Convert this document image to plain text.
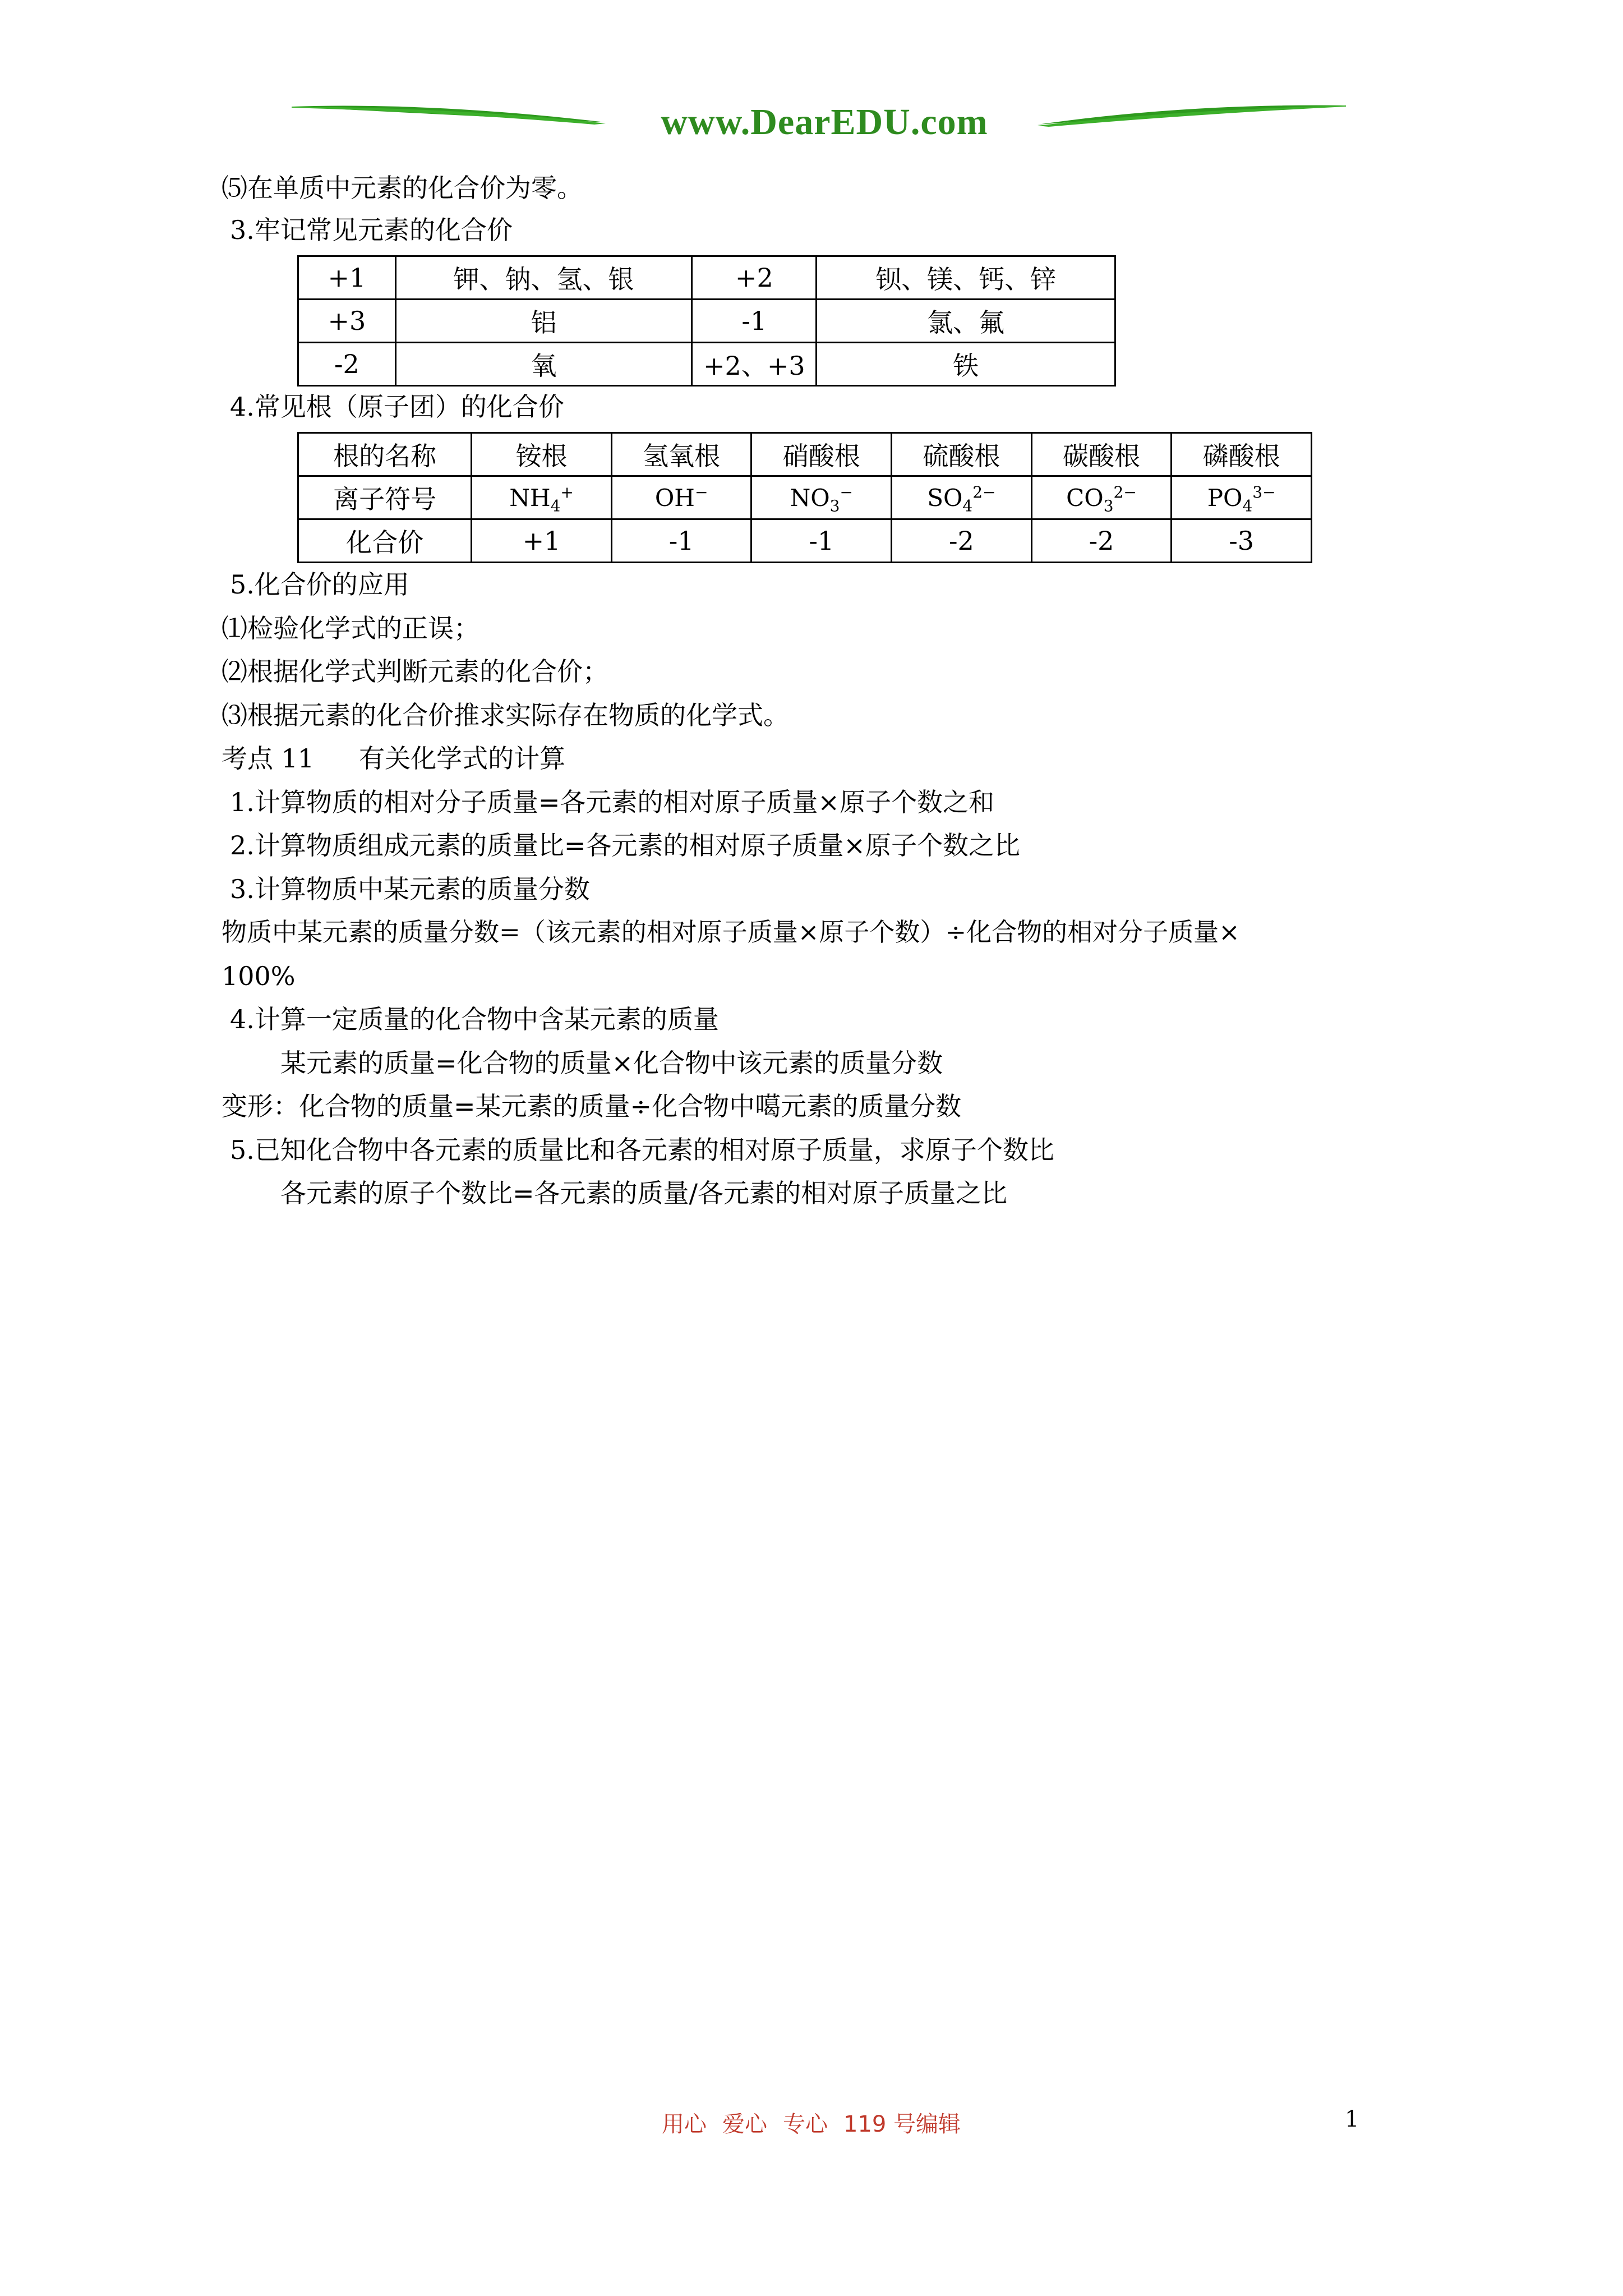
www.DearEDU.com
⑸在单质中元素的化合价为零。
3.牢记常见元素的化合价
+1	钾、钠、氢、银	+2	钡、镁、钙、锌
+3	铝	-1	氯、氟
-2	氧	+2、+3	铁
4.常见根（原子团）的化合价
根的名称	铵根	氢氧根	硝酸根	硫酸根	碳酸根	磷酸根
离子符号	$NH_4^+$	OH−	$NO_3^-$	$SO_4^{2-}$	$CO_3^{2-}$	$PO_4^{3-}$
化合价	+1	-1	-1	-2	-2	-3
5.化合价的应用
⑴检验化学式的正误；
⑵根据化学式判断元素的化合价；
⑶根据元素的化合价推求实际存在物质的化学式。
考点 11 有关化学式的计算
1.计算物质的相对分子质量=各元素的相对原子质量×原子个数之和
2.计算物质组成元素的质量比=各元素的相对原子质量×原子个数之比
3.计算物质中某元素的质量分数
物质中某元素的质量分数=（该元素的相对原子质量×原子个数）÷化合物的相对分子质量×
100%
4.计算一定质量的化合物中含某元素的质量
某元素的质量=化合物的质量×化合物中该元素的质量分数
变形：化合物的质量=某元素的质量÷化合物中噶元素的质量分数
5.已知化合物中各元素的质量比和各元素的相对原子质量，求原子个数比
各元素的原子个数比=各元素的质量/各元素的相对原子质量之比
用心 爱心 专心 119 号编辑	1
